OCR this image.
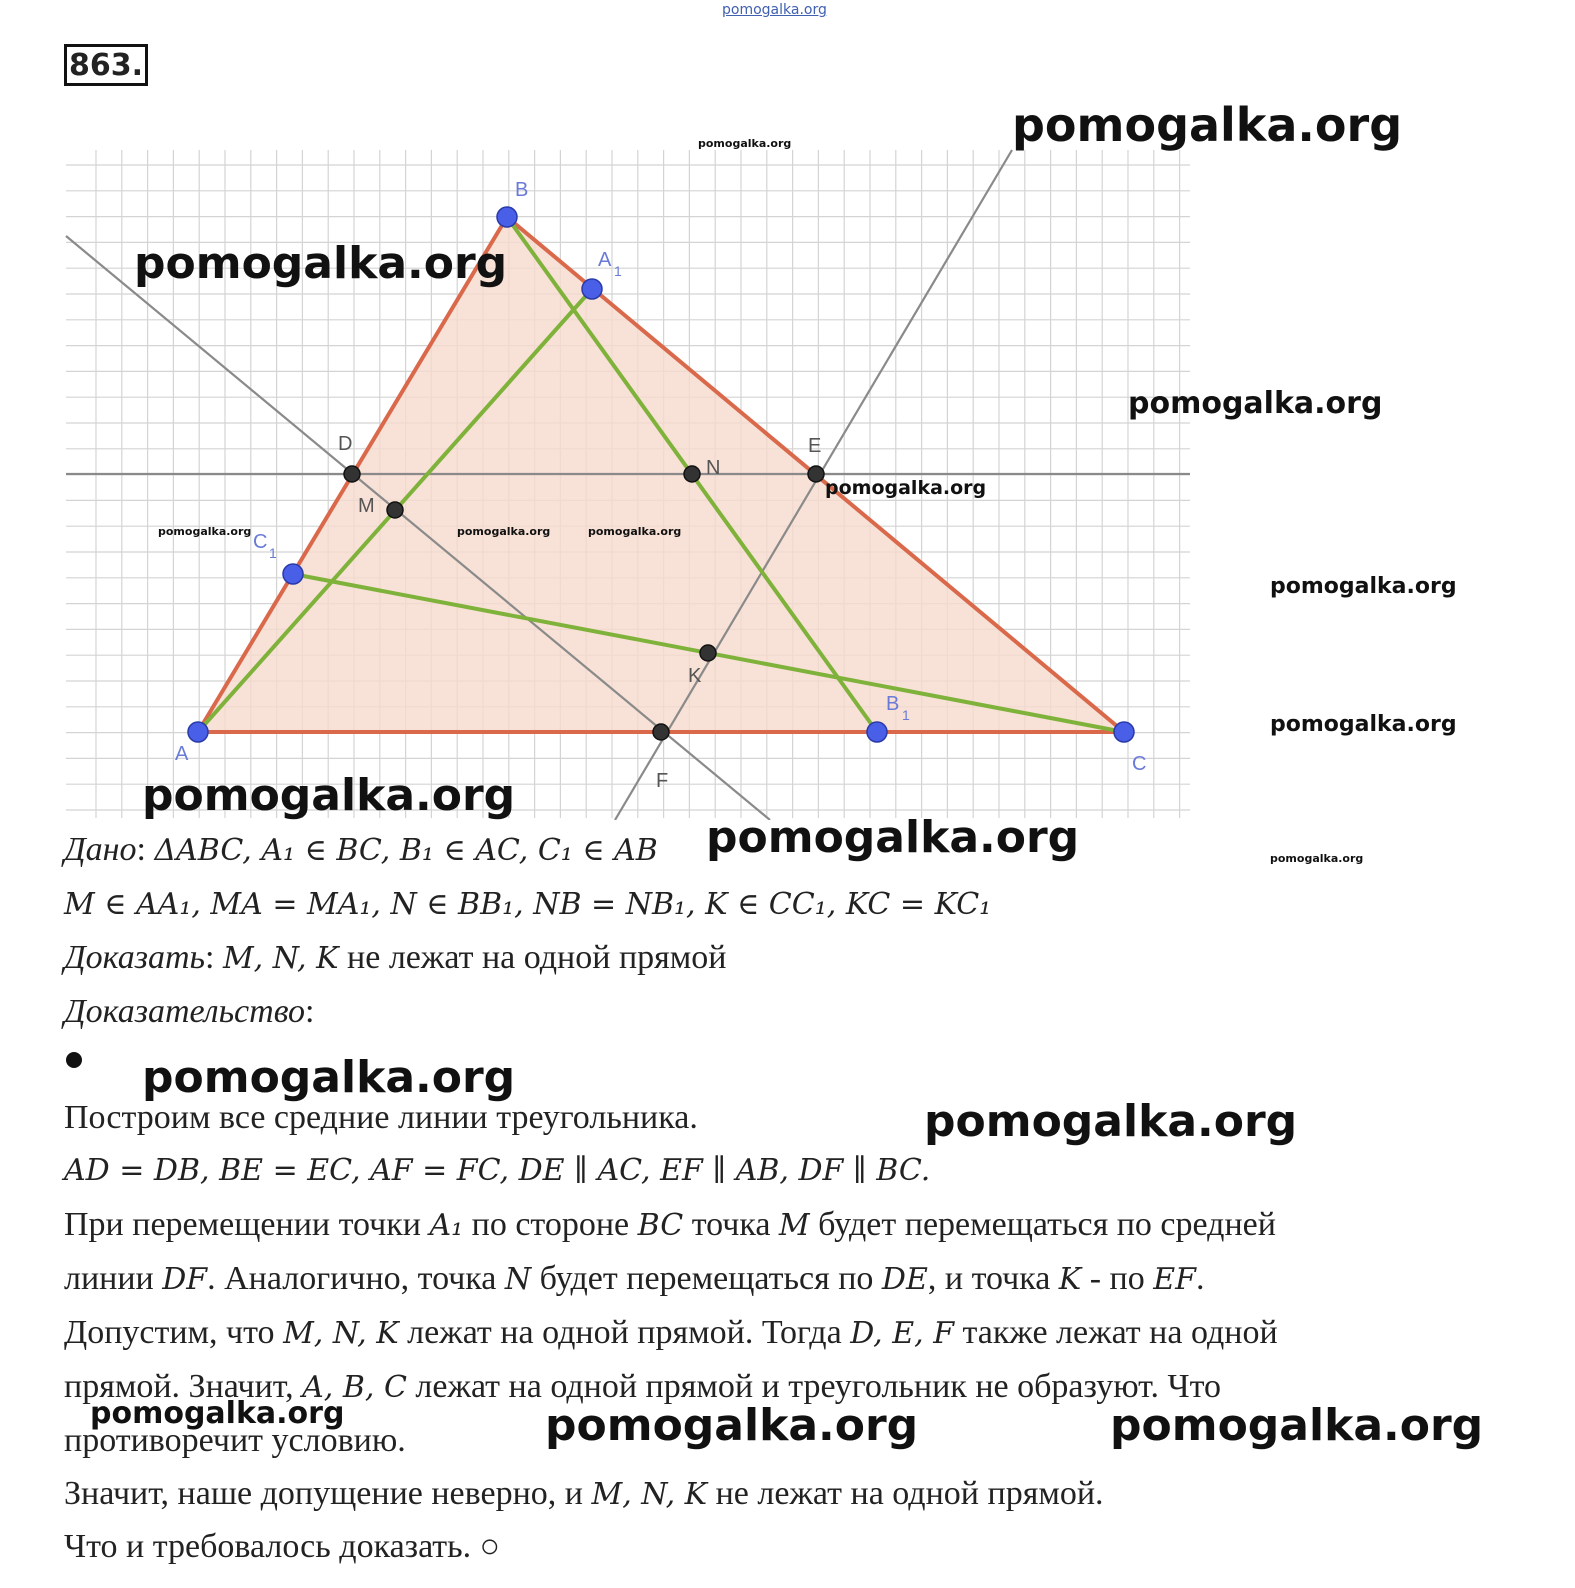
pomogalka.org
863.
A
B
C
A 1
B 1
C 1
D	E
F
M
N
K
pomogalka.org
pomogalka.org
pomogalka.org
pomogalka.org
pomogalka.org
pomogalka.org	pomogalka.org	pomogalka.org
pomogalka.org
pomogalka.org
pomogalka.org
pomogalka.org
Дано: ΔABC, A₁ ∈ BC, B₁ ∈ AC, C₁ ∈ AB pomogalka.org
M ∈ AA₁, MA = MA₁, N ∈ BB₁, NB = NB₁, K ∈ CC₁, KC = KC₁
Доказать: M, N, K не лежат на одной прямой
Доказательство:
pomogalka.org
Построим все средние линии треугольника.	pomogalka.org
AD = DB, BE = EC, AF = FC, DE ∥ AC, EF ∥ AB, DF ∥ BC.
При перемещении точки A₁ по стороне BC точка M будет перемещаться по средней
линии DF. Аналогично, точка N будет перемещаться по DE, и точка K - по EF.
Допустим, что M, N, K лежат на одной прямой. Тогда D, E, F также лежат на одной
прямой. Значит, A, B, C лежат на одной прямой и треугольник не образуют. Что
противоречит условию.
pomogalka.org	pomogalka.org	pomogalka.org
Значит, наше допущение неверно, и M, N, K не лежат на одной прямой.
Что и требовалось доказать. ○
